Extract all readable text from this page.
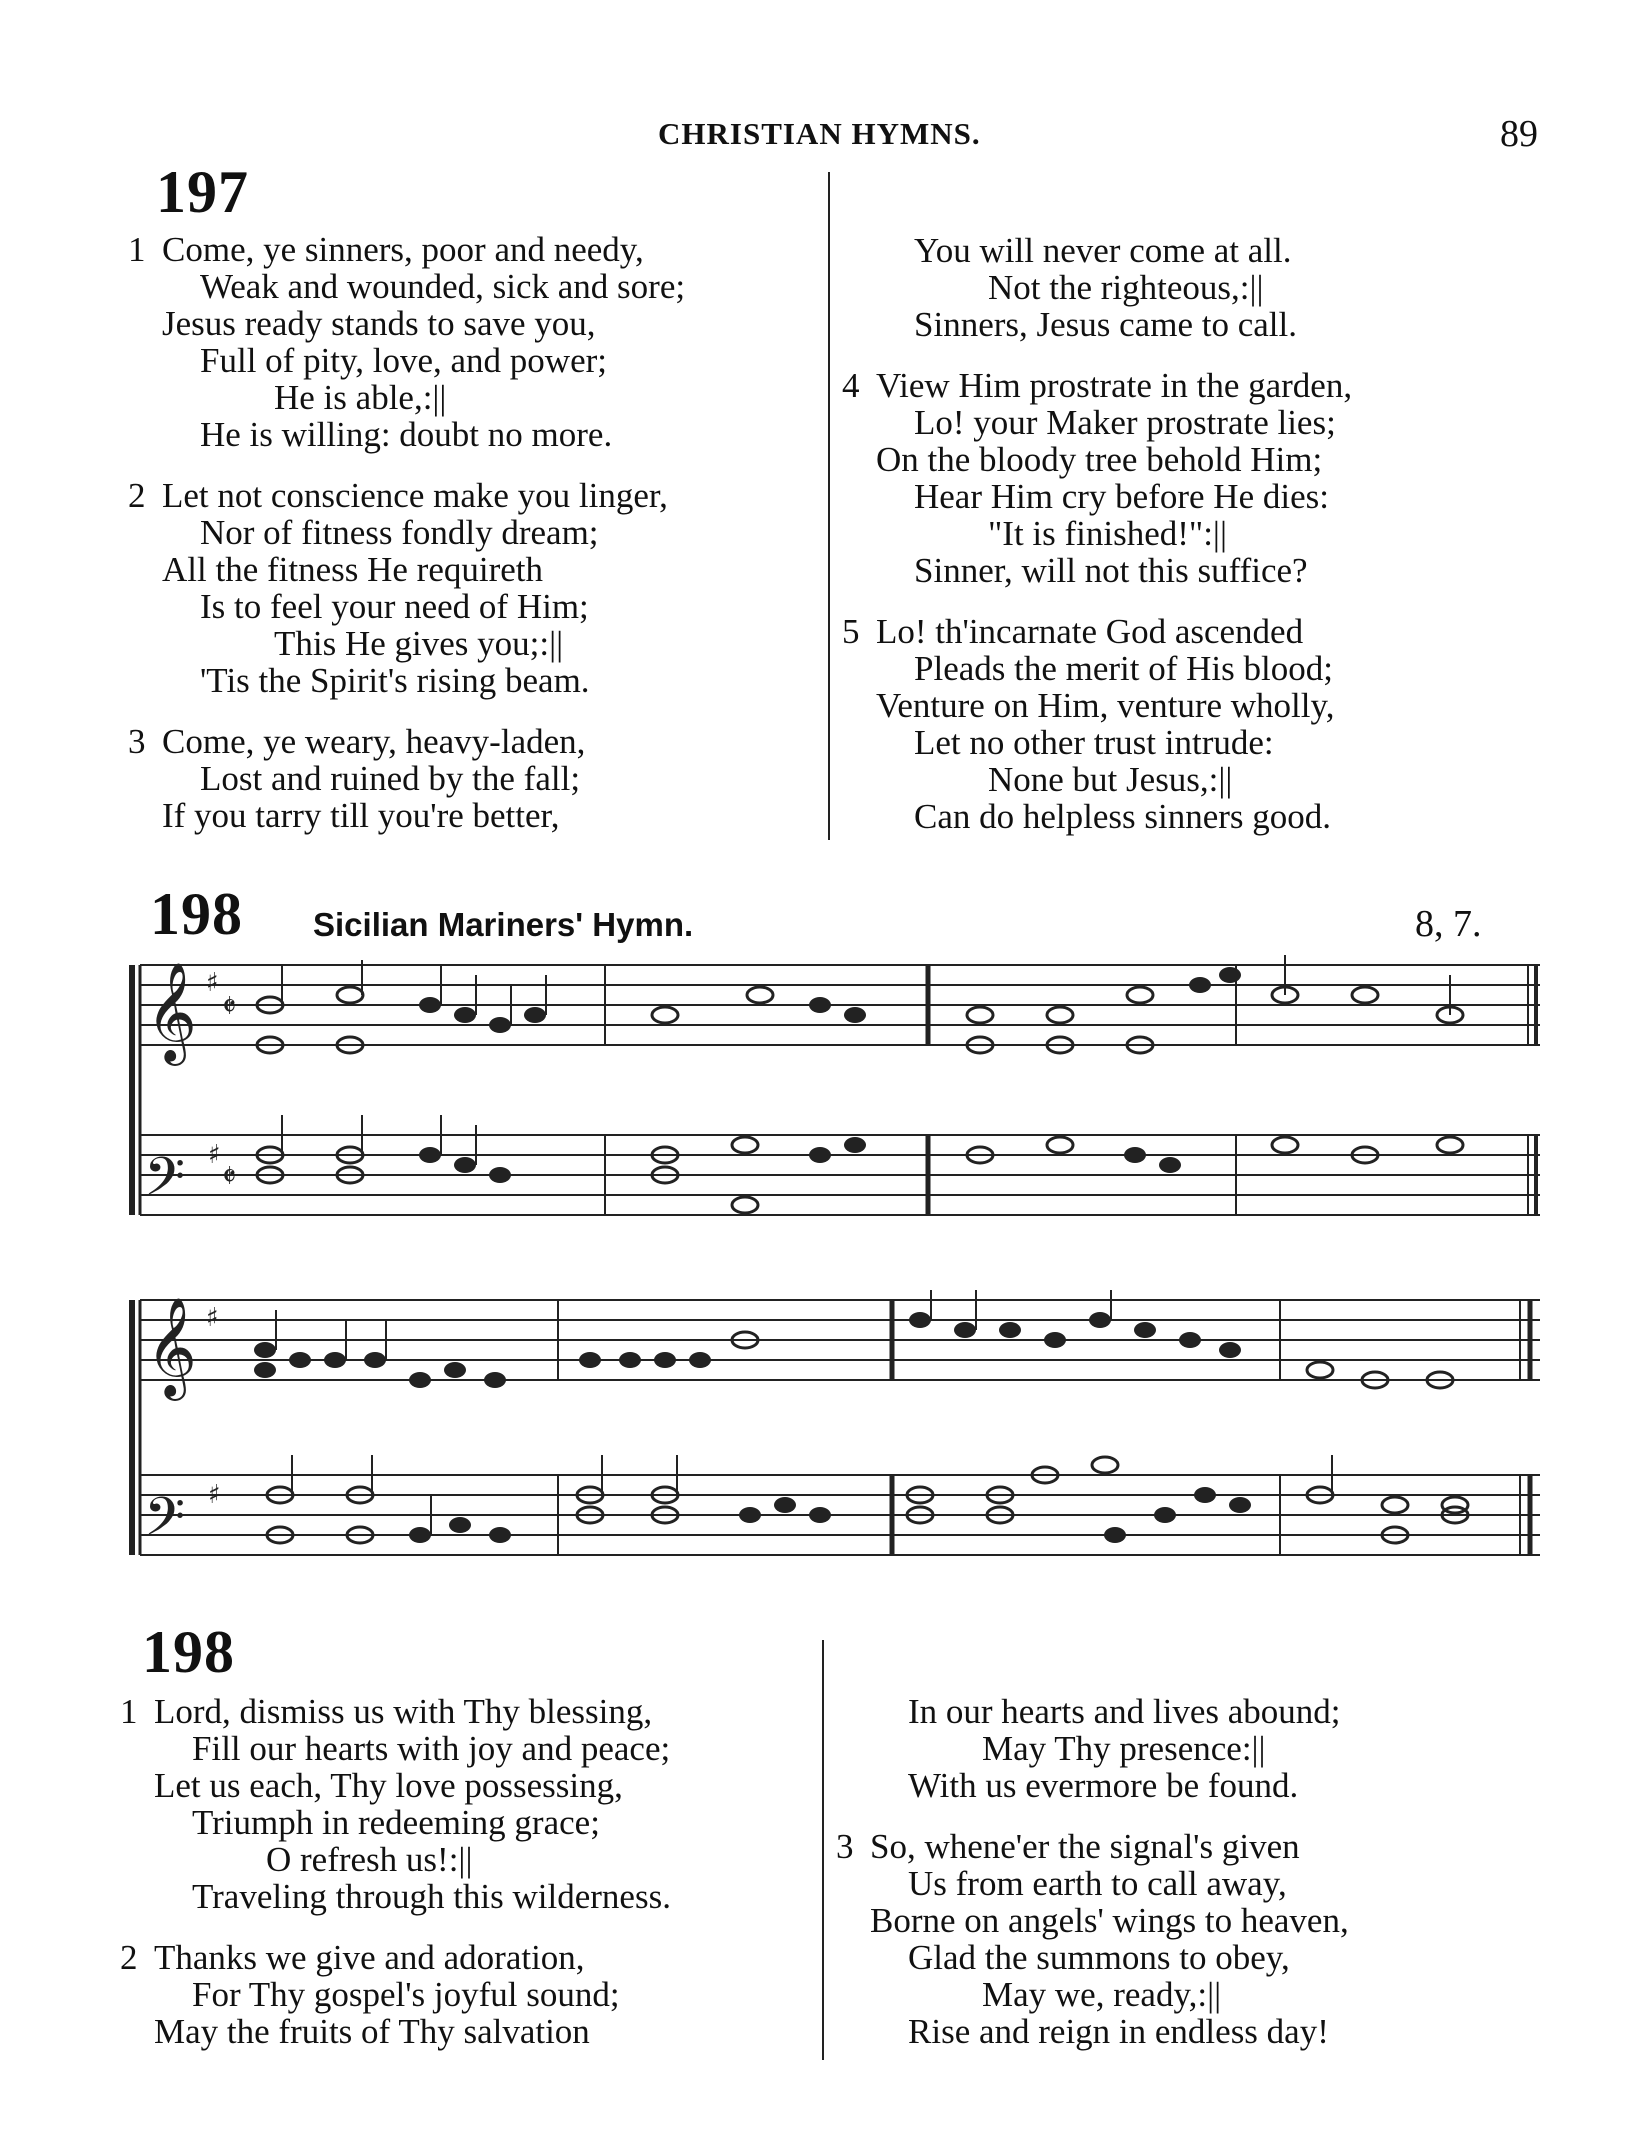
CHRISTIAN HYMNS.	89
197
1 Come, ye sinners, poor and needy,
Weak and wounded, sick and sore;
Jesus ready stands to save you,
Full of pity, love, and power;
He is able,:||
He is willing: doubt no more.
2 Let not conscience make you linger,
Nor of fitness fondly dream;
All the fitness He requireth
Is to feel your need of Him;
This He gives you;:||
'Tis the Spirit's rising beam.
3 Come, ye weary, heavy-laden,
Lost and ruined by the fall;
If you tarry till you're better,
You will never come at all.
Not the righteous,:||
Sinners, Jesus came to call.
4 View Him prostrate in the garden,
Lo! your Maker prostrate lies;
On the bloody tree behold Him;
Hear Him cry before He dies:
"It is finished!":||
Sinner, will not this suffice?
5 Lo! th'incarnate God ascended
Pleads the merit of His blood;
Venture on Him, venture wholly,
Let no other trust intrude:
None but Jesus,:||
Can do helpless sinners good.
198 Sicilian Mariners' Hymn.	8, 7.
𝄞
𝄢
♯
♯
𝄵
𝄵
𝄞
𝄢
♯
♯
198
1 Lord, dismiss us with Thy blessing,
Fill our hearts with joy and peace;
Let us each, Thy love possessing,
Triumph in redeeming grace;
O refresh us!:||
Traveling through this wilderness.
2 Thanks we give and adoration,
For Thy gospel's joyful sound;
May the fruits of Thy salvation
In our hearts and lives abound;
May Thy presence:||
With us evermore be found.
3 So, whene'er the signal's given
Us from earth to call away,
Borne on angels' wings to heaven,
Glad the summons to obey,
May we, ready,:||
Rise and reign in endless day!
